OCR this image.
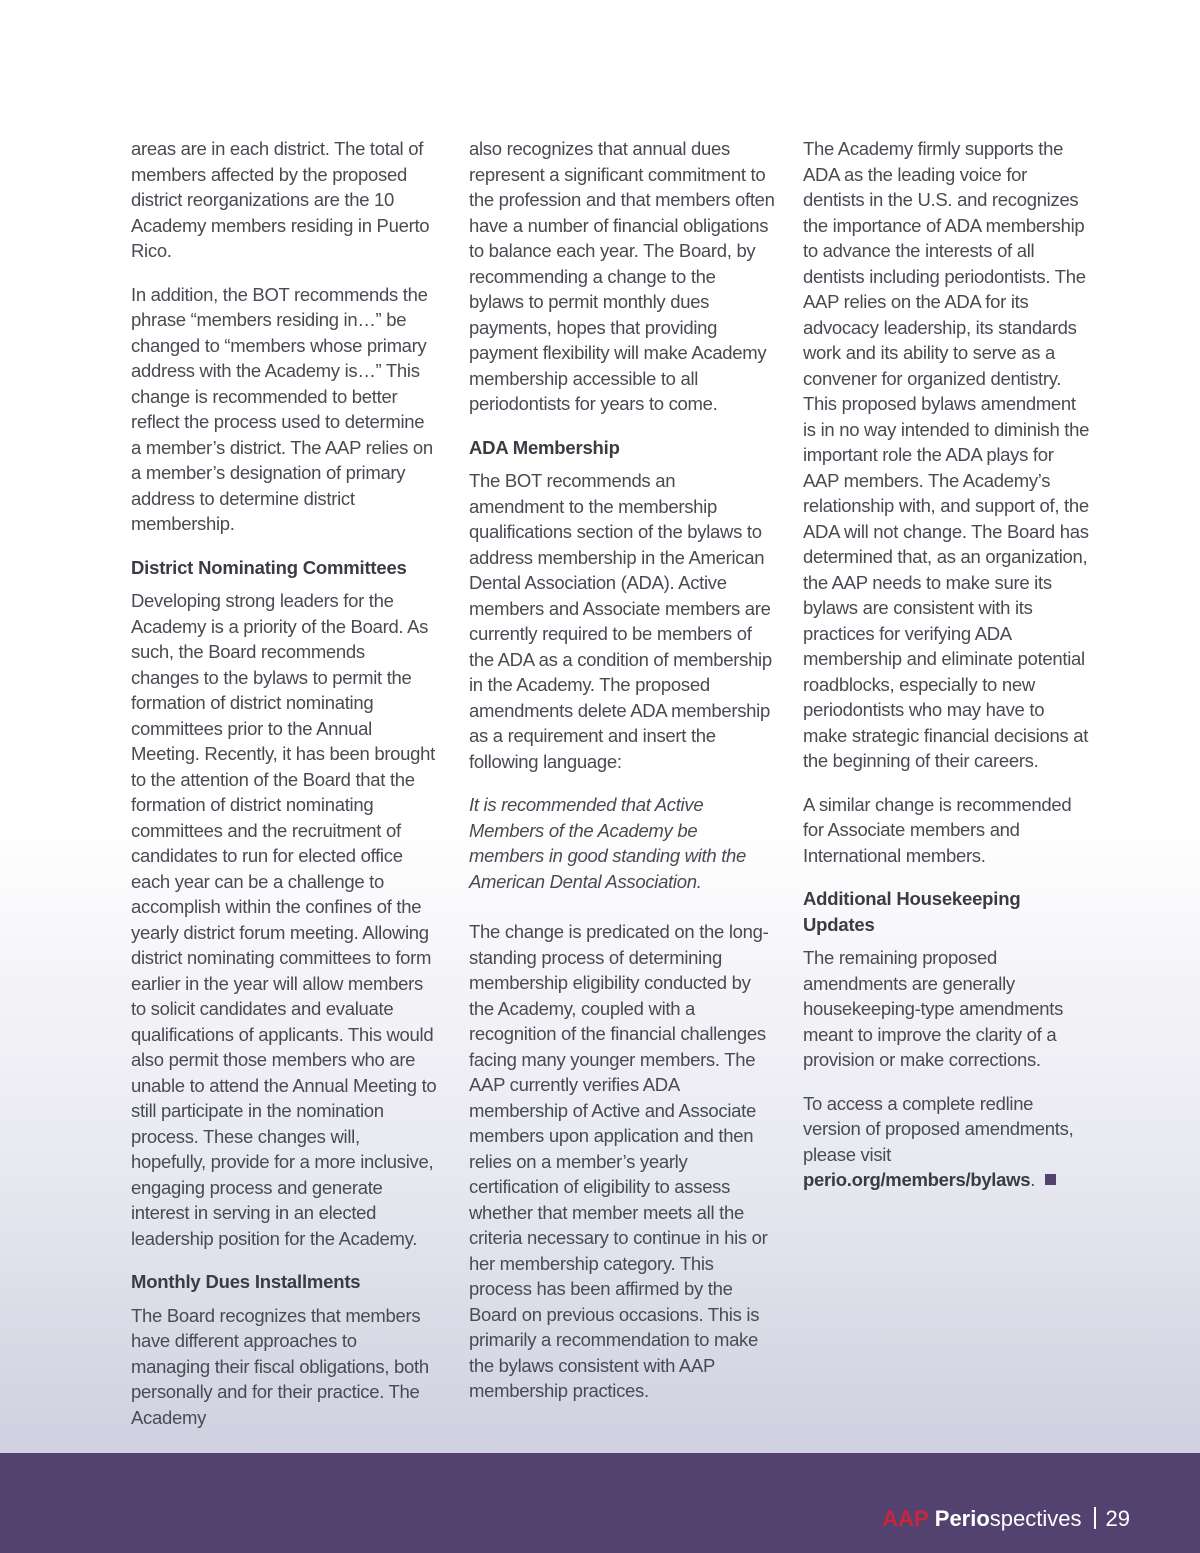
areas are in each district. The total of members affected by the proposed district reorganizations are the 10 Academy members residing in Puerto Rico.

In addition, the BOT recommends the phrase “members residing in…” be changed to “members whose primary address with the Academy is…” This change is recommended to better reflect the process used to determine a member’s district. The AAP relies on a member’s designation of primary address to determine district membership.

District Nominating Committees

Developing strong leaders for the Academy is a priority of the Board. As such, the Board recommends changes to the bylaws to permit the formation of district nominating committees prior to the Annual Meeting. Recently, it has been brought to the attention of the Board that the formation of district nominating committees and the recruitment of candidates to run for elected office each year can be a challenge to accomplish within the confines of the yearly district forum meeting. Allowing district nominating committees to form earlier in the year will allow members to solicit candidates and evaluate qualifications of applicants. This would also permit those members who are unable to attend the Annual Meeting to still participate in the nomination process. These changes will, hopefully, provide for a more inclusive, engaging process and generate interest in serving in an elected leadership position for the Academy.

Monthly Dues Installments

The Board recognizes that members have different approaches to managing their fiscal obligations, both personally and for their practice. The Academy

also recognizes that annual dues represent a significant commitment to the profession and that members often have a number of financial obligations to balance each year. The Board, by recommending a change to the bylaws to permit monthly dues payments, hopes that providing payment flexibility will make Academy membership accessible to all periodontists for years to come.

ADA Membership

The BOT recommends an amendment to the membership qualifications section of the bylaws to address membership in the American Dental Association (ADA). Active members and Associate members are currently required to be members of the ADA as a condition of membership in the Academy. The proposed amendments delete ADA membership as a requirement and insert the following language:

It is recommended that Active Members of the Academy be members in good standing with the American Dental Association.

The change is predicated on the long-standing process of determining membership eligibility conducted by the Academy, coupled with a recognition of the financial challenges facing many younger members. The AAP currently verifies ADA membership of Active and Associate members upon application and then relies on a member’s yearly certification of eligibility to assess whether that member meets all the criteria necessary to continue in his or her membership category. This process has been affirmed by the Board on previous occasions. This is primarily a recommendation to make the bylaws consistent with AAP membership practices.

The Academy firmly supports the ADA as the leading voice for dentists in the U.S. and recognizes the importance of ADA membership to advance the interests of all dentists including periodontists. The AAP relies on the ADA for its advocacy leadership, its standards work and its ability to serve as a convener for organized dentistry. This proposed bylaws amendment is in no way intended to diminish the important role the ADA plays for AAP members. The Academy’s relationship with, and support of, the ADA will not change. The Board has determined that, as an organization, the AAP needs to make sure its bylaws are consistent with its practices for verifying ADA membership and eliminate potential roadblocks, especially to new periodontists who may have to make strategic financial decisions at the beginning of their careers.

A similar change is recommended for Associate members and International members.

Additional Housekeeping Updates

The remaining proposed amendments are generally housekeeping-type amendments meant to improve the clarity of a provision or make corrections.

To access a complete redline version of proposed amendments, please visit perio.org/members/bylaws.

AAP Periospectives 29
